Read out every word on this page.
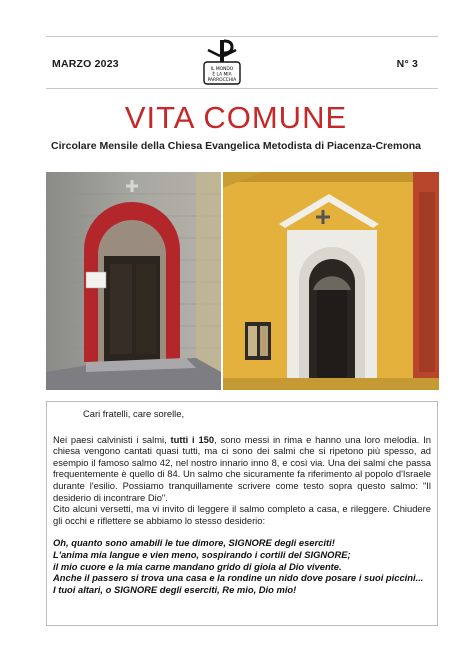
MARZO 2023	IL MONDO
È LA MIA
PARROCCHIA
N° 3
VITA COMUNE
Circolare Mensile della Chiesa Evangelica Metodista di Piacenza-Cremona
Cari fratelli, care sorelle,

Nei paesi calvinisti i salmi, tutti i 150, sono messi in rima e hanno una loro melodia. In chiesa vengono cantati quasi tutti, ma ci sono dei salmi che si ripetono più spesso, ad esempio il famoso salmo 42, nel nostro innario inno 8, e così via. Una dei salmi che passa frequentemente è quello di 84. Un salmo che sicuramente fa riferimento al popolo d'Israele durante l'esilio. Possiamo tranquillamente scrivere come testo sopra questo salmo: "Il desiderio di incontrare Dio".

Cito alcuni versetti, ma vi invito di leggere il salmo completo a casa, e rileggere. Chiudere gli occhi e riflettere se abbiamo lo stesso desiderio:

Oh, quanto sono amabili le tue dimore, SIGNORE degli eserciti!
L'anima mia langue e vien meno, sospirando i cortili del SIGNORE;
il mio cuore e la mia carne mandano grido di gioia al Dio vivente.
Anche il passero si trova una casa e la rondine un nido dove posare i suoi piccini...
I tuoi altari, o SIGNORE degli eserciti, Re mio, Dio mio!
